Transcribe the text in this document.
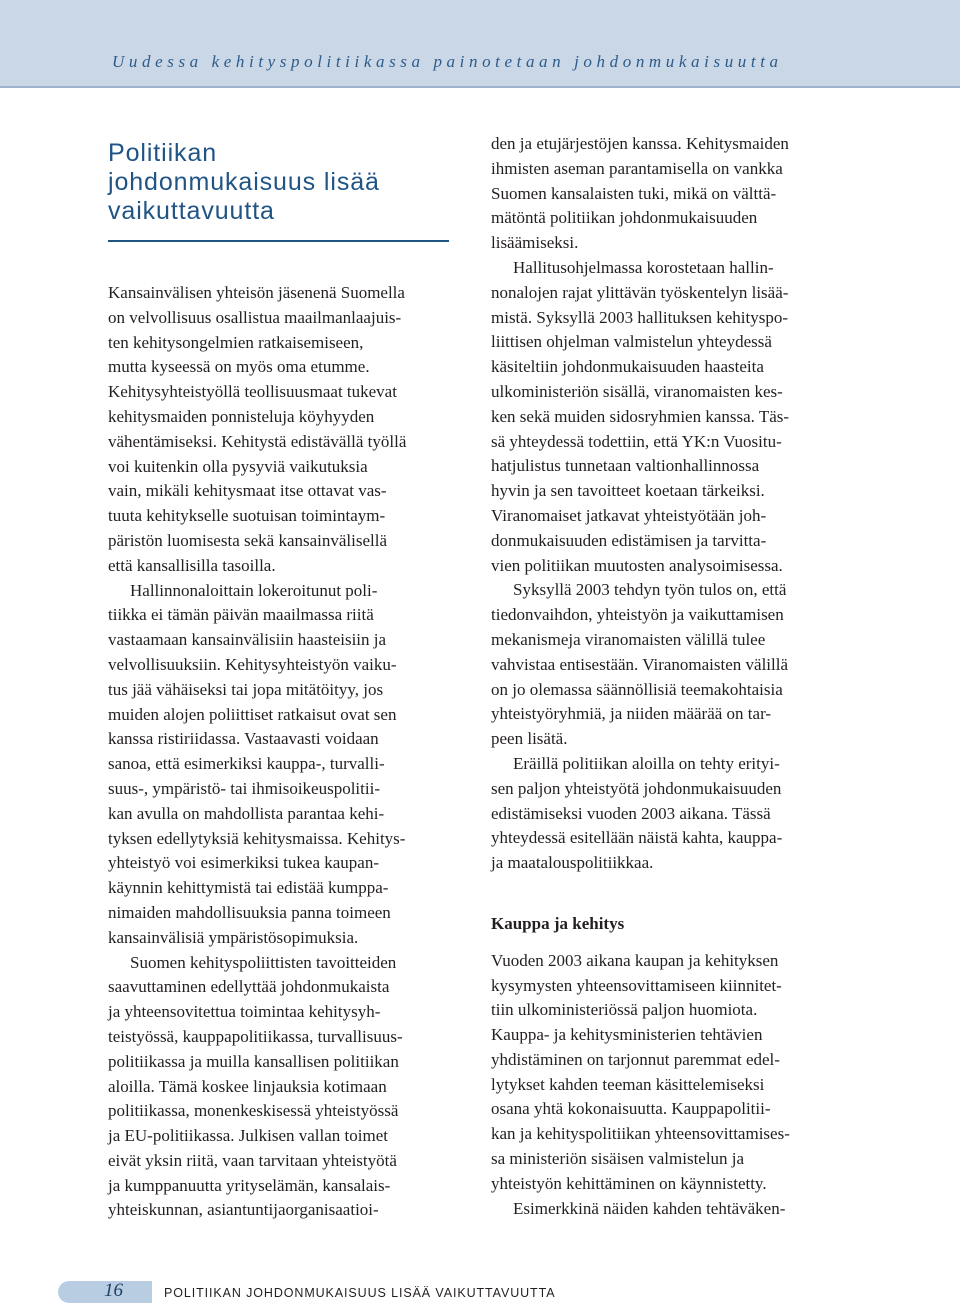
Uudessa kehityspolitiikassa painotetaan johdonmukaisuutta
Politiikan
johdonmukaisuus lisää
vaikuttavuutta

Kansainvälisen yhteisön jäsenenä Suomella
on velvollisuus osallistua maailmanlaajuis-
ten kehitysongelmien ratkaisemiseen,
mutta kyseessä on myös oma etumme.
Kehitysyhteistyöllä teollisuusmaat tukevat
kehitysmaiden ponnisteluja köyhyyden
vähentämiseksi. Kehitystä edistävällä työllä
voi kuitenkin olla pysyviä vaikutuksia
vain, mikäli kehitysmaat itse ottavat vas-
tuuta kehitykselle suotuisan toimintaym-
päristön luomisesta sekä kansainvälisellä
että kansallisilla tasoilla.

Hallinnonaloittain lokeroitunut poli-
tiikka ei tämän päivän maailmassa riitä
vastaamaan kansainvälisiin haasteisiin ja
velvollisuuksiin. Kehitysyhteistyön vaiku-
tus jää vähäiseksi tai jopa mitätöityy, jos
muiden alojen poliittiset ratkaisut ovat sen
kanssa ristiriidassa. Vastaavasti voidaan
sanoa, että esimerkiksi kauppa-, turvalli-
suus-, ympäristö- tai ihmisoikeuspolitii-
kan avulla on mahdollista parantaa kehi-
tyksen edellytyksiä kehitysmaissa. Kehitys-
yhteistyö voi esimerkiksi tukea kaupan-
käynnin kehittymistä tai edistää kumppa-
nimaiden mahdollisuuksia panna toimeen
kansainvälisiä ympäristösopimuksia.

Suomen kehityspoliittisten tavoitteiden
saavuttaminen edellyttää johdonmukaista
ja yhteensovitettua toimintaa kehitysyh-
teistyössä, kauppapolitiikassa, turvallisuus-
politiikassa ja muilla kansallisen politiikan
aloilla. Tämä koskee linjauksia kotimaan
politiikassa, monenkeskisessä yhteistyössä
ja EU-politiikassa. Julkisen vallan toimet
eivät yksin riitä, vaan tarvitaan yhteistyötä
ja kumppanuutta yrityselämän, kansalais-
yhteiskunnan, asiantuntijaorganisaatioi-

den ja etujärjestöjen kanssa. Kehitysmaiden
ihmisten aseman parantamisella on vankka
Suomen kansalaisten tuki, mikä on välttä-
mätöntä politiikan johdonmukaisuuden
lisäämiseksi.

Hallitusohjelmassa korostetaan hallin-
nonalojen rajat ylittävän työskentelyn lisää-
mistä. Syksyllä 2003 hallituksen kehityspo-
liittisen ohjelman valmistelun yhteydessä
käsiteltiin johdonmukaisuuden haasteita
ulkoministeriön sisällä, viranomaisten kes-
ken sekä muiden sidosryhmien kanssa. Täs-
sä yhteydessä todettiin, että YK:n Vuositu-
hatjulistus tunnetaan valtionhallinnossa
hyvin ja sen tavoitteet koetaan tärkeiksi.
Viranomaiset jatkavat yhteistyötään joh-
donmukaisuuden edistämisen ja tarvitta-
vien politiikan muutosten analysoimisessa.

Syksyllä 2003 tehdyn työn tulos on, että
tiedonvaihdon, yhteistyön ja vaikuttamisen
mekanismeja viranomaisten välillä tulee
vahvistaa entisestään. Viranomaisten välillä
on jo olemassa säännöllisiä teemakohtaisia
yhteistyöryhmiä, ja niiden määrää on tar-
peen lisätä.

Eräillä politiikan aloilla on tehty erityi-
sen paljon yhteistyötä johdonmukaisuuden
edistämiseksi vuoden 2003 aikana. Tässä
yhteydessä esitellään näistä kahta, kauppa-
ja maatalouspolitiikkaa.

Kauppa ja kehitys

Vuoden 2003 aikana kaupan ja kehityksen
kysymysten yhteensovittamiseen kiinnitet-
tiin ulkoministeriössä paljon huomiota.
Kauppa- ja kehitysministerien tehtävien
yhdistäminen on tarjonnut paremmat edel-
lytykset kahden teeman käsittelemiseksi
osana yhtä kokonaisuutta. Kauppapolitii-
kan ja kehityspolitiikan yhteensovittamises-
sa ministeriön sisäisen valmistelun ja
yhteistyön kehittäminen on käynnistetty.

Esimerkkinä näiden kahden tehtäväken-

16	POLITIIKAN JOHDONMUKAISUUS LISÄÄ VAIKUTTAVUUTTA
